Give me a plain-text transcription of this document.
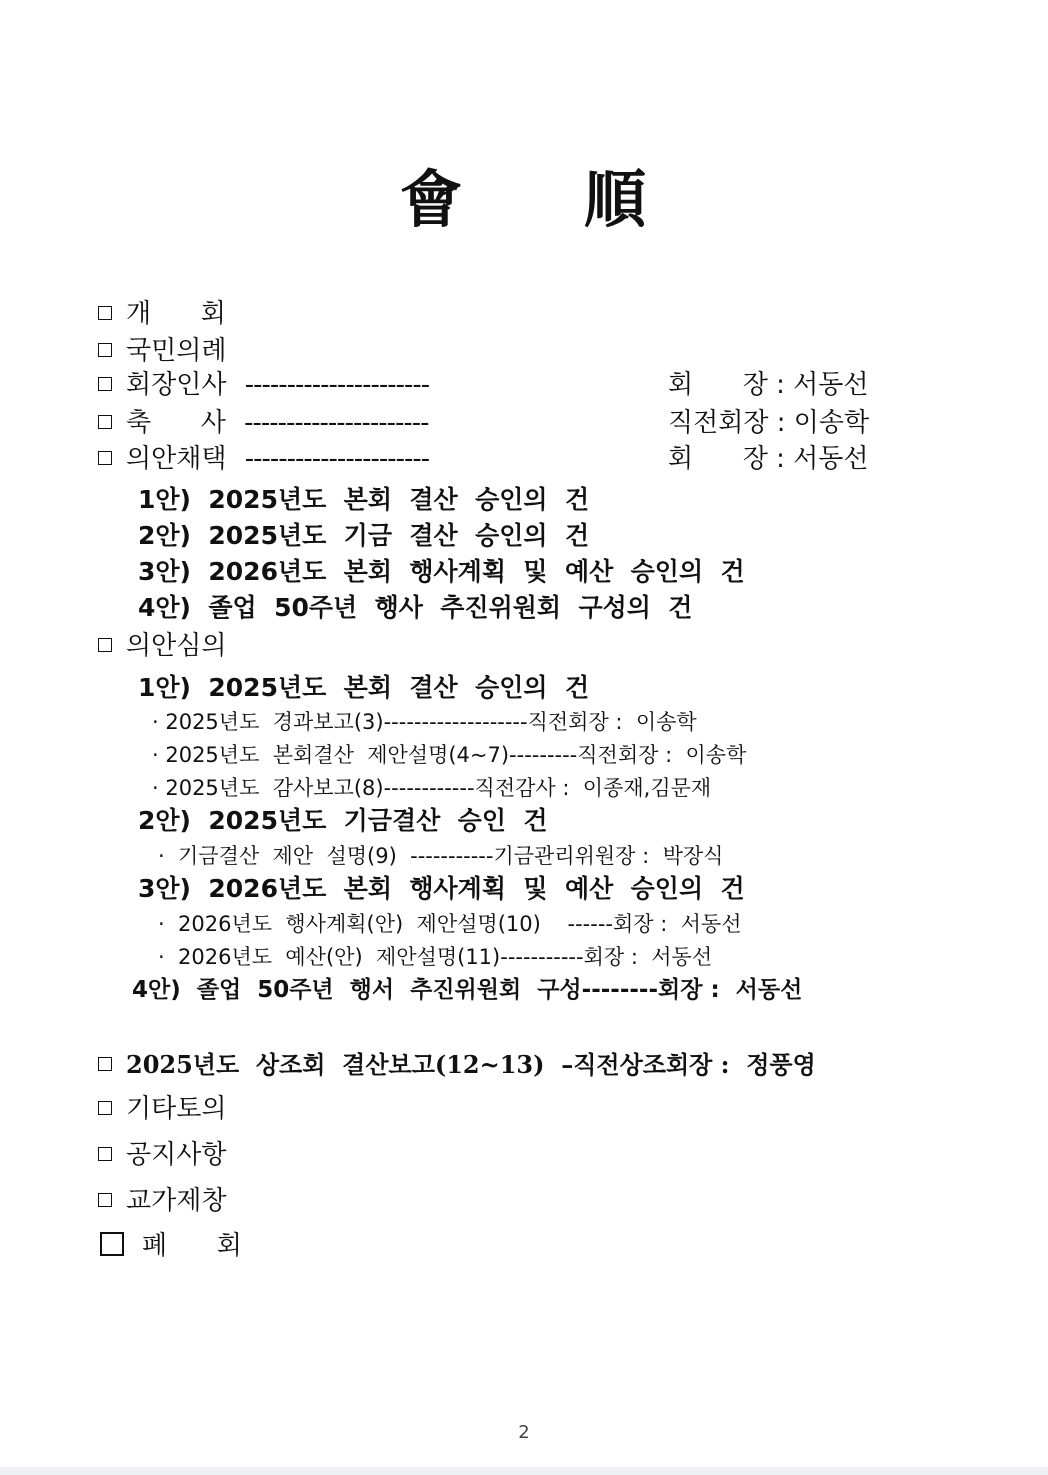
會 順
개      회
국민의례
회장인사 ----------------------	회      장 : 서동선
축      사 ----------------------	직전회장 : 이송학
의안채택 ----------------------	회      장 : 서동선
1안)  2025년도  본회  결산  승인의  건
2안)  2025년도  기금  결산  승인의  건
3안)  2026년도  본회  행사계획  및  예산  승인의  건
4안)  졸업  50주년  행사  추진위원회  구성의  건
의안심의
1안)  2025년도  본회  결산  승인의  건
· 2025년도  경과보고(3)-------------------직전회장 :  이송학
· 2025년도  본회결산  제안설명(4~7)---------직전회장 :  이송학
· 2025년도  감사보고(8)------------직전감사 :  이종재,김문재
2안)  2025년도  기금결산  승인  건
·  기금결산  제안  설명(9)  -----------기금관리위원장 :  박장식
3안)  2026년도  본회  행사계획  및  예산  승인의  건
·  2026년도  행사계획(안)  제안설명(10)    ------회장 :  서동선
·  2026년도  예산(안)  제안설명(11)-----------회장 :  서동선
4안)  졸업  50주년  행서  추진위원회  구성--------회장 :  서동선
2025년도  상조회  결산보고(12~13)  –직전상조회장 :  정풍영
기타토의
공지사항
교가제창
폐      회
2
